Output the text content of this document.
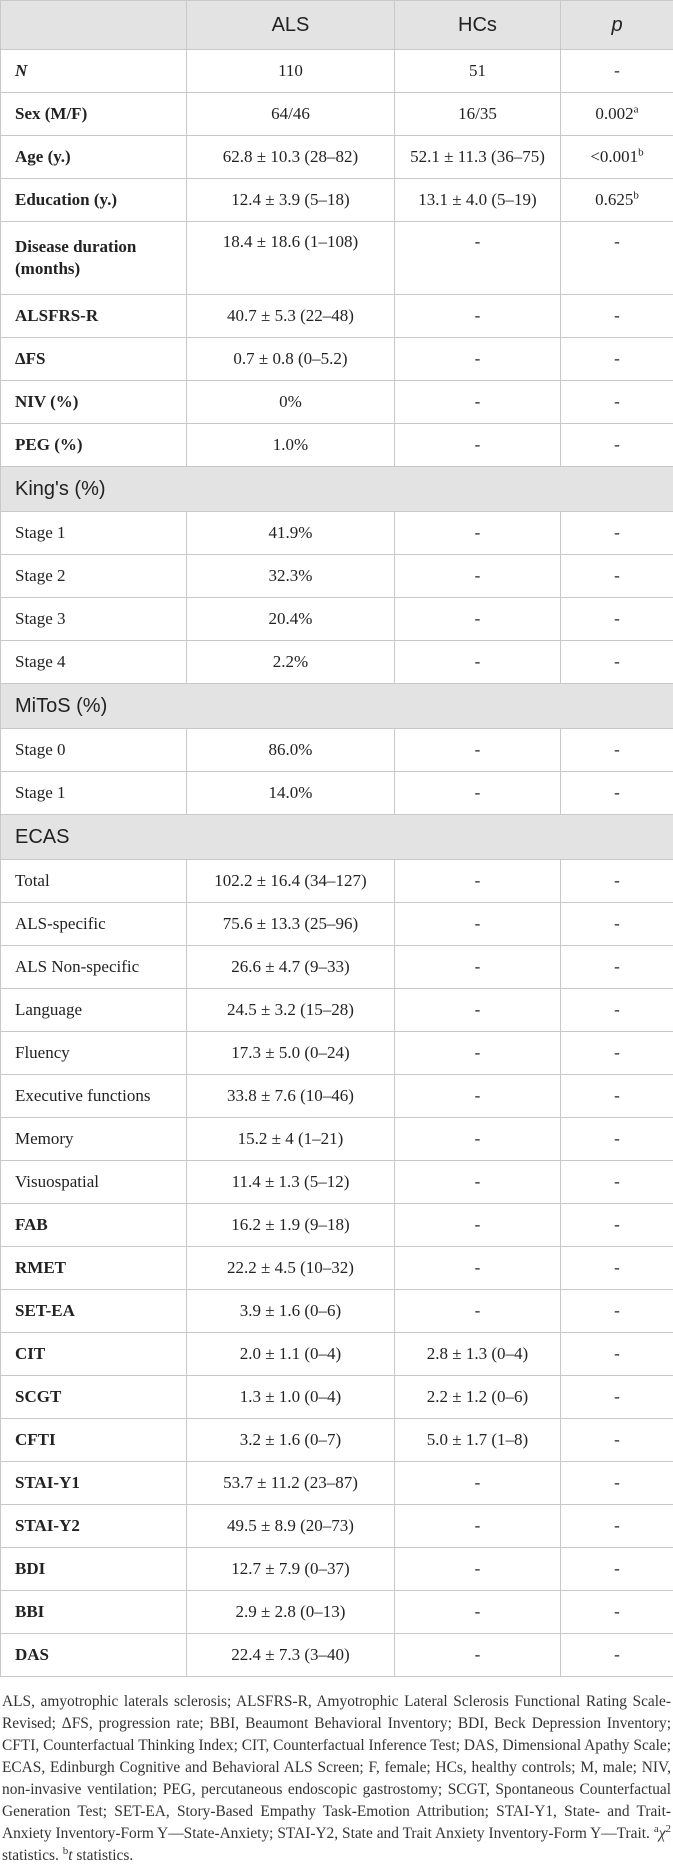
	ALS	HCs	p
N	110	51	-
Sex (M/F)	64/46	16/35	0.002$^a$
Age (y.)	62.8 ± 10.3 (28–82)	52.1 ± 11.3 (36–75)	<0.001$^b$
Education (y.)	12.4 ± 3.9 (5–18)	13.1 ± 4.0 (5–19)	0.625$^b$
Disease duration (months)	18.4 ± 18.6 (1–108)	-	-
ALSFRS-R	40.7 ± 5.3 (22–48)	-	-
ΔFS	0.7 ± 0.8 (0–5.2)	-	-
NIV (%)	0%	-	-
PEG (%)	1.0%	-	-
King's (%)			
Stage 1	41.9%	-	-
Stage 2	32.3%	-	-
Stage 3	20.4%	-	-
Stage 4	2.2%	-	-
MiToS (%)			
Stage 0	86.0%	-	-
Stage 1	14.0%	-	-
ECAS			
Total	102.2 ± 16.4 (34–127)	-	-
ALS-specific	75.6 ± 13.3 (25–96)	-	-
ALS Non-specific	26.6 ± 4.7 (9–33)	-	-
Language	24.5 ± 3.2 (15–28)	-	-
Fluency	17.3 ± 5.0 (0–24)	-	-
Executive functions	33.8 ± 7.6 (10–46)	-	-
Memory	15.2 ± 4 (1–21)	-	-
Visuospatial	11.4 ± 1.3 (5–12)	-	-
FAB	16.2 ± 1.9 (9–18)	-	-
RMET	22.2 ± 4.5 (10–32)	-	-
SET-EA	3.9 ± 1.6 (0–6)	-	-
CIT	2.0 ± 1.1 (0–4)	2.8 ± 1.3 (0–4)	-
SCGT	1.3 ± 1.0 (0–4)	2.2 ± 1.2 (0–6)	-
CFTI	3.2 ± 1.6 (0–7)	5.0 ± 1.7 (1–8)	-
STAI-Y1	53.7 ± 11.2 (23–87)	-	-
STAI-Y2	49.5 ± 8.9 (20–73)	-	-
BDI	12.7 ± 7.9 (0–37)	-	-
BBI	2.9 ± 2.8 (0–13)	-	-
DAS	22.4 ± 7.3 (3–40)	-	-
ALS, amyotrophic laterals sclerosis; ALSFRS-R, Amyotrophic Lateral Sclerosis Functional Rating Scale-Revised; ΔFS, progression rate; BBI, Beaumont Behavioral Inventory; BDI, Beck Depression Inventory; CFTI, Counterfactual Thinking Index; CIT, Counterfactual Inference Test; DAS, Dimensional Apathy Scale; ECAS, Edinburgh Cognitive and Behavioral ALS Screen; F, female; HCs, healthy controls; M, male; NIV, non-invasive ventilation; PEG, percutaneous endoscopic gastrostomy; SCGT, Spontaneous Counterfactual Generation Test; SET-EA, Story-Based Empathy Task-Emotion Attribution; STAI-Y1, State- and Trait-Anxiety Inventory-Form Y—State-Anxiety; STAI-Y2, State and Trait Anxiety Inventory-Form Y—Trait. $^a\chi^2$ statistics. $^b$t statistics.
